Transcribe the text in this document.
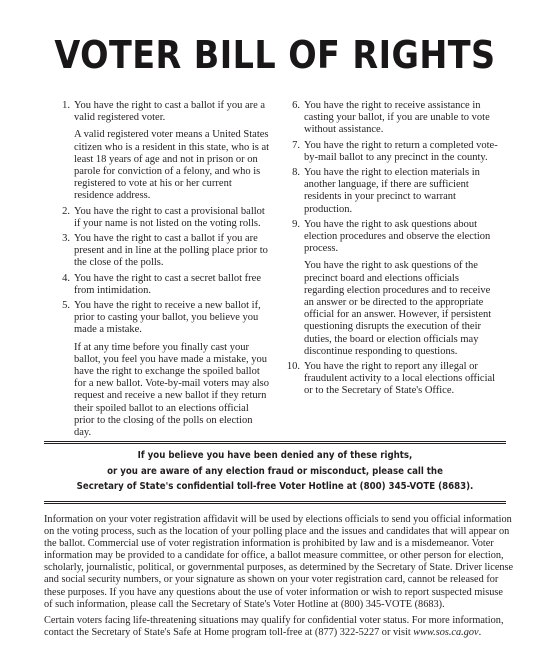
VOTER BILL OF RIGHTS
1. You have the right to cast a ballot if you are a valid registered voter.

A valid registered voter means a United States citizen who is a resident in this state, who is at least 18 years of age and not in prison or on parole for conviction of a felony, and who is registered to vote at his or her current residence address.

2. You have the right to cast a provisional ballot if your name is not listed on the voting rolls.

3. You have the right to cast a ballot if you are present and in line at the polling place prior to the close of the polls.

4. You have the right to cast a secret ballot free from intimidation.

5. You have the right to receive a new ballot if, prior to casting your ballot, you believe you made a mistake.

If at any time before you finally cast your ballot, you feel you have made a mistake, you have the right to exchange the spoiled ballot for a new ballot. Vote-by-mail voters may also request and receive a new ballot if they return their spoiled ballot to an elections official prior to the closing of the polls on election day.

6. You have the right to receive assistance in casting your ballot, if you are unable to vote without assistance.

7. You have the right to return a completed vote-by-mail ballot to any precinct in the county.

8. You have the right to election materials in another language, if there are sufficient residents in your precinct to warrant production.

9. You have the right to ask questions about election procedures and observe the election process.

You have the right to ask questions of the precinct board and elections officials regarding election procedures and to receive an answer or be directed to the appropriate official for an answer. However, if persistent questioning disrupts the execution of their duties, the board or election officials may discontinue responding to questions.

10. You have the right to report any illegal or fraudulent activity to a local elections official or to the Secretary of State's Office.

If you believe you have been denied any of these rights,
or you are aware of any election fraud or misconduct, please call the
Secretary of State's confidential toll-free Voter Hotline at (800) 345-VOTE (8683).

Information on your voter registration affidavit will be used by elections officials to send you official information on the voting process, such as the location of your polling place and the issues and candidates that will appear on the ballot. Commercial use of voter registration information is prohibited by law and is a misdemeanor. Voter information may be provided to a candidate for office, a ballot measure committee, or other person for election, scholarly, journalistic, political, or governmental purposes, as determined by the Secretary of State. Driver license and social security numbers, or your signature as shown on your voter registration card, cannot be released for these purposes. If you have any questions about the use of voter information or wish to report suspected misuse of such information, please call the Secretary of State's Voter Hotline at (800) 345-VOTE (8683).

Certain voters facing life-threatening situations may qualify for confidential voter status. For more information, contact the Secretary of State's Safe at Home program toll-free at (877) 322-5227 or visit www.sos.ca.gov.
